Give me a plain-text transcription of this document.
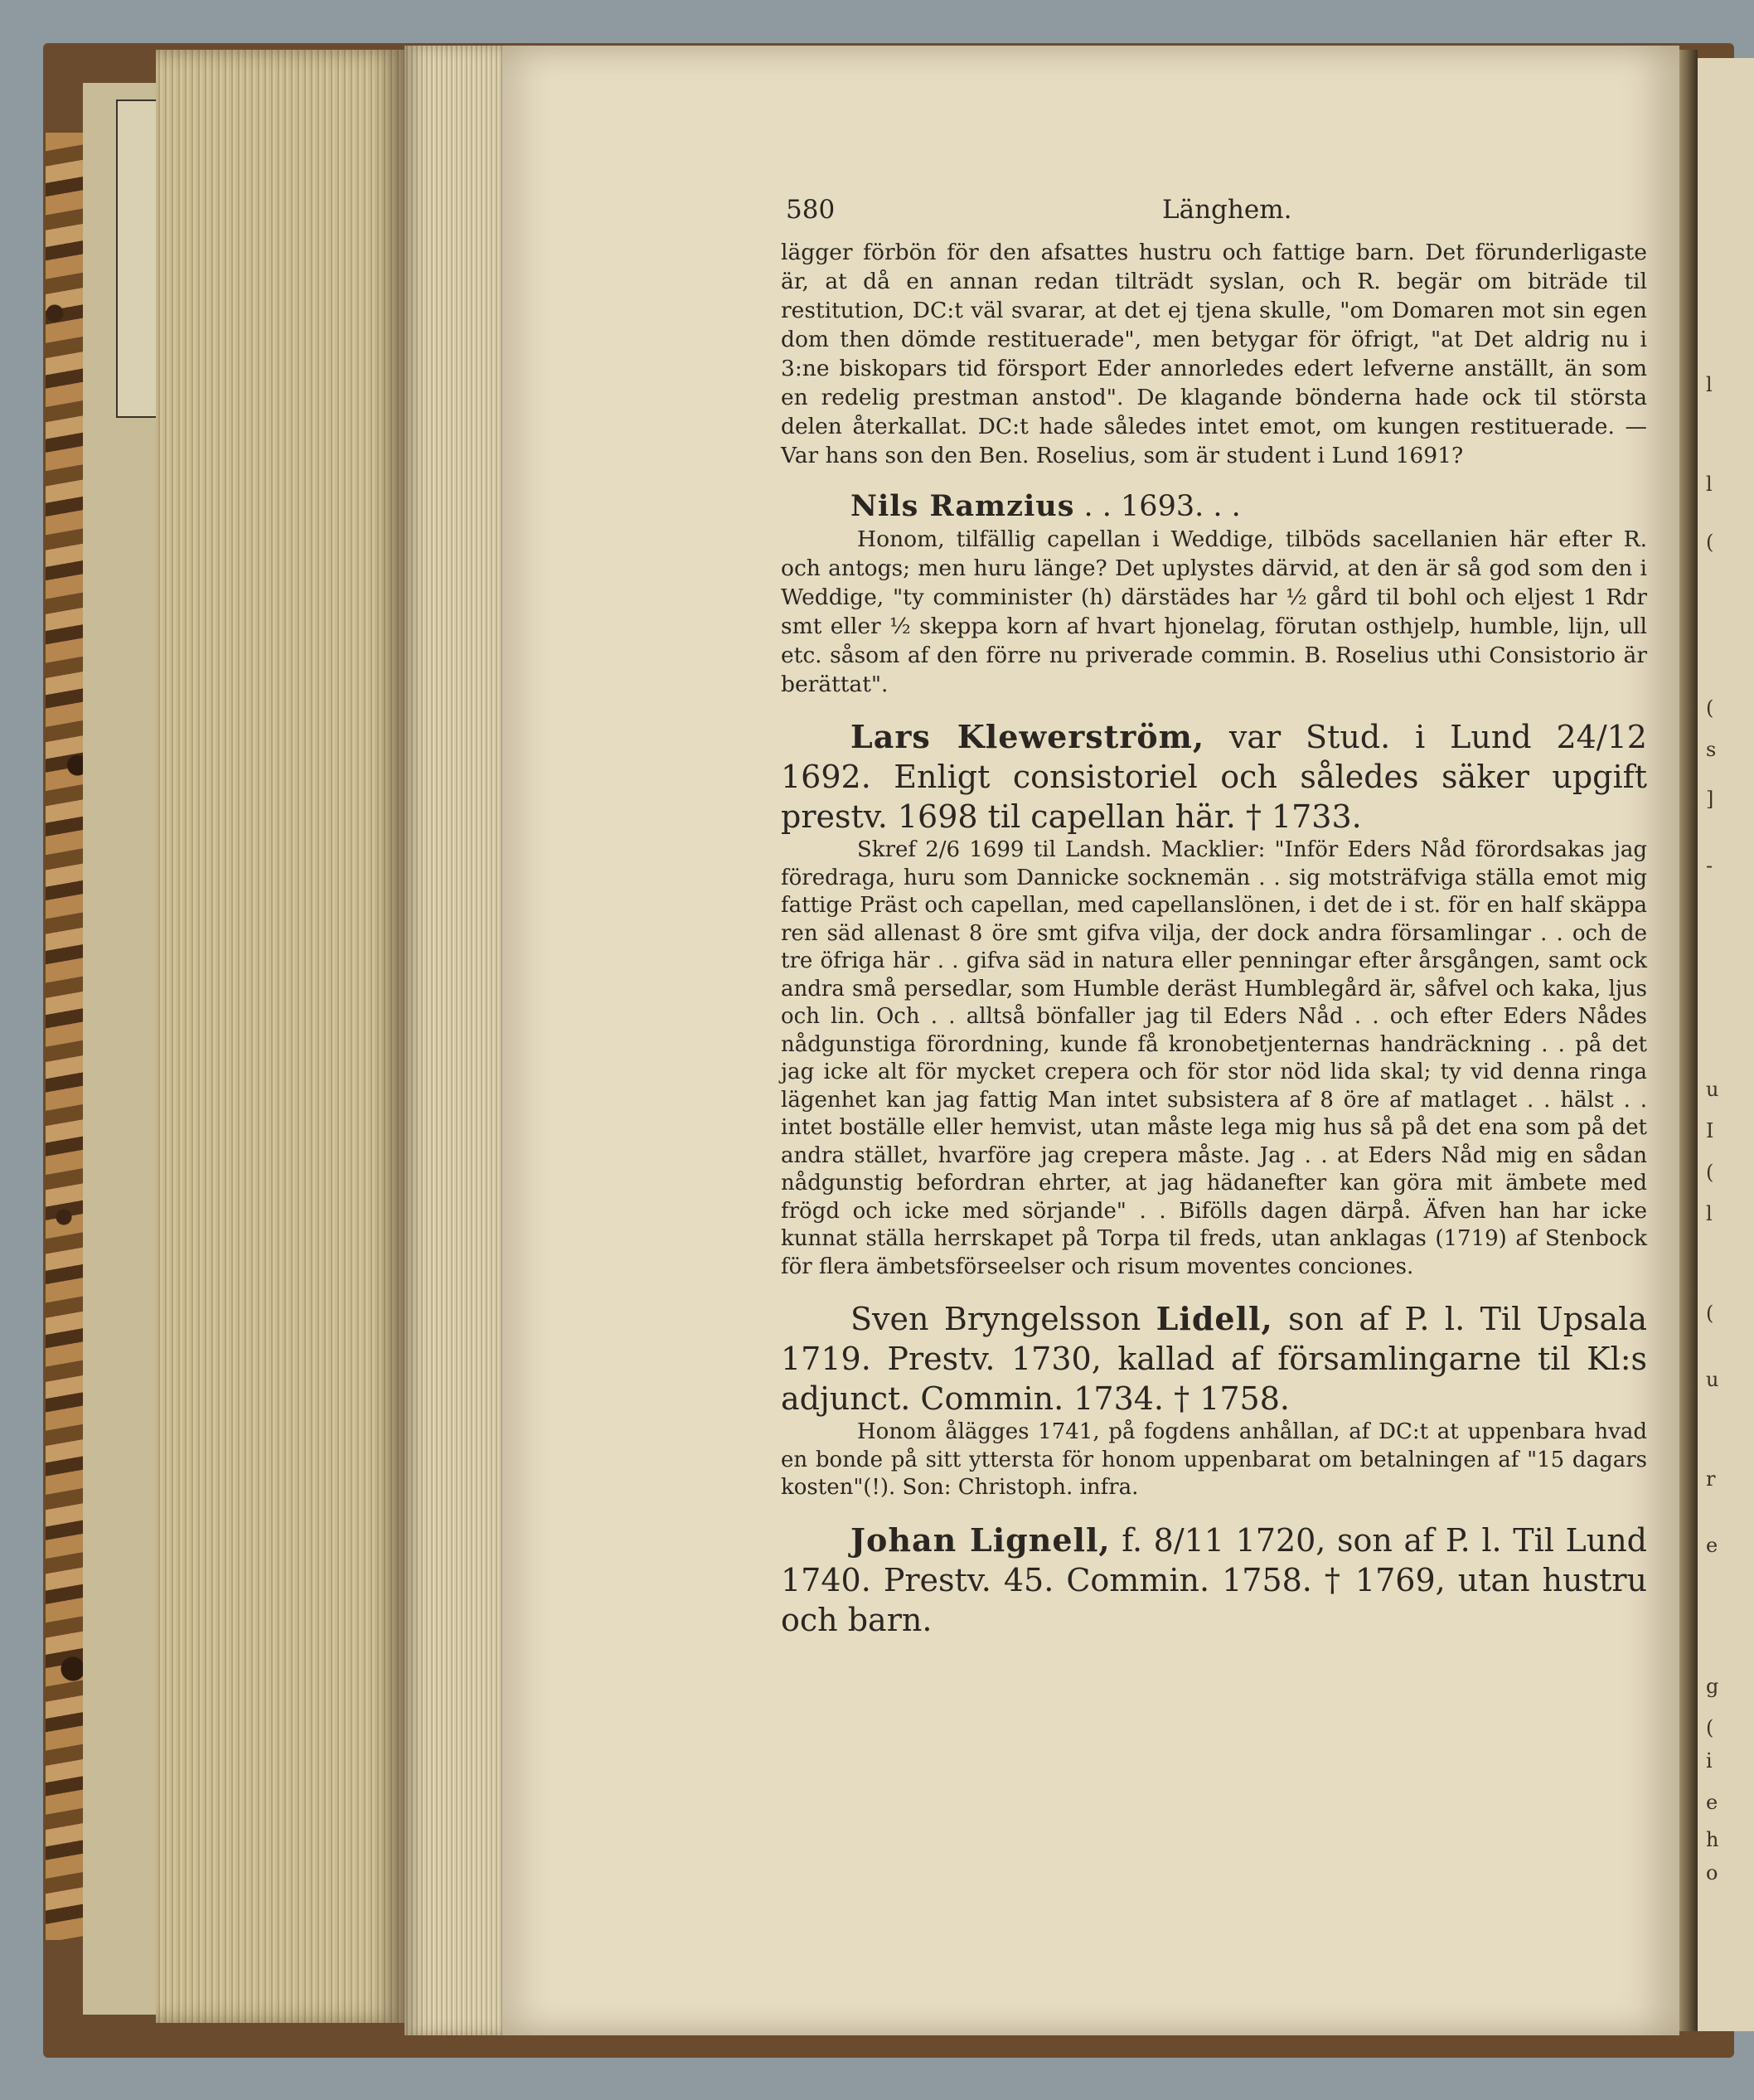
l
l
(
(
s
]
-
u
I
(
l
(
u
r
e
g
(
i
e
h
o
580	Länghem.

lägger förbön för den afsattes hustru och fattige barn. Det förunderligaste är, at då en annan redan tilträdt syslan, och R. begär om biträde til restitution, DC:t väl svarar, at det ej tjena skulle, "om Domaren mot sin egen dom then dömde restituerade", men betygar för öfrigt, "at Det aldrig nu i 3:ne biskopars tid försport Eder annorledes edert lefverne anställt, än som en redelig prestman anstod". De klagande bönderna hade ock til största delen återkallat. DC:t hade således intet emot, om kungen restituerade. — Var hans son den Ben. Roselius, som är student i Lund 1691?

Nils Ramzius . . 1693. . .

Honom, tilfällig capellan i Weddige, tilböds sacellanien här efter R. och antogs; men huru länge? Det uplystes därvid, at den är så god som den i Weddige, "ty comminister (h) därstädes har ½ gård til bohl och eljest 1 Rdr smt eller ½ skeppa korn af hvart hjonelag, förutan osthjelp, humble, lijn, ull etc. såsom af den förre nu priverade commin. B. Roselius uthi Consistorio är berättat".

Lars Klewerström, var Stud. i Lund 24/12 1692. Enligt consistoriel och således säker upgift prestv. 1698 til capellan här. † 1733.

Skref 2/6 1699 til Landsh. Macklier: "Inför Eders Nåd förordsakas jag föredraga, huru som Dannicke socknemän . . sig motsträfviga ställa emot mig fattige Präst och capellan, med capellanslönen, i det de i st. för en half skäppa ren säd allenast 8 öre smt gifva vilja, der dock andra församlingar . . och de tre öfriga här . . gifva säd in natura eller penningar efter årsgången, samt ock andra små persedlar, som Humble deräst Humblegård är, såfvel och kaka, ljus och lin. Och . . alltså bönfaller jag til Eders Nåd . . och efter Eders Nådes nådgunstiga förordning, kunde få kronobetjenternas handräckning . . på det jag icke alt för mycket crepera och för stor nöd lida skal; ty vid denna ringa lägenhet kan jag fattig Man intet subsistera af 8 öre af matlaget . . hälst . . intet boställe eller hemvist, utan måste lega mig hus så på det ena som på det andra stället, hvarföre jag crepera måste. Jag . . at Eders Nåd mig en sådan nådgunstig befordran ehrter, at jag hädanefter kan göra mit ämbete med frögd och icke med sörjande" . . Bifölls dagen därpå. Äfven han har icke kunnat ställa herrskapet på Torpa til freds, utan anklagas (1719) af Stenbock för flera ämbetsförseelser och risum moventes conciones.

Sven Bryngelsson Lidell, son af P. l. Til Upsala 1719. Prestv. 1730, kallad af församlingarne til Kl:s adjunct. Commin. 1734. † 1758.

Honom ålägges 1741, på fogdens anhållan, af DC:t at uppenbara hvad en bonde på sitt yttersta för honom uppenbarat om betalningen af "15 dagars kosten"(!). Son: Christoph. infra.

Johan Lignell, f. 8/11 1720, son af P. l. Til Lund 1740. Prestv. 45. Commin. 1758. † 1769, utan hustru och barn.
